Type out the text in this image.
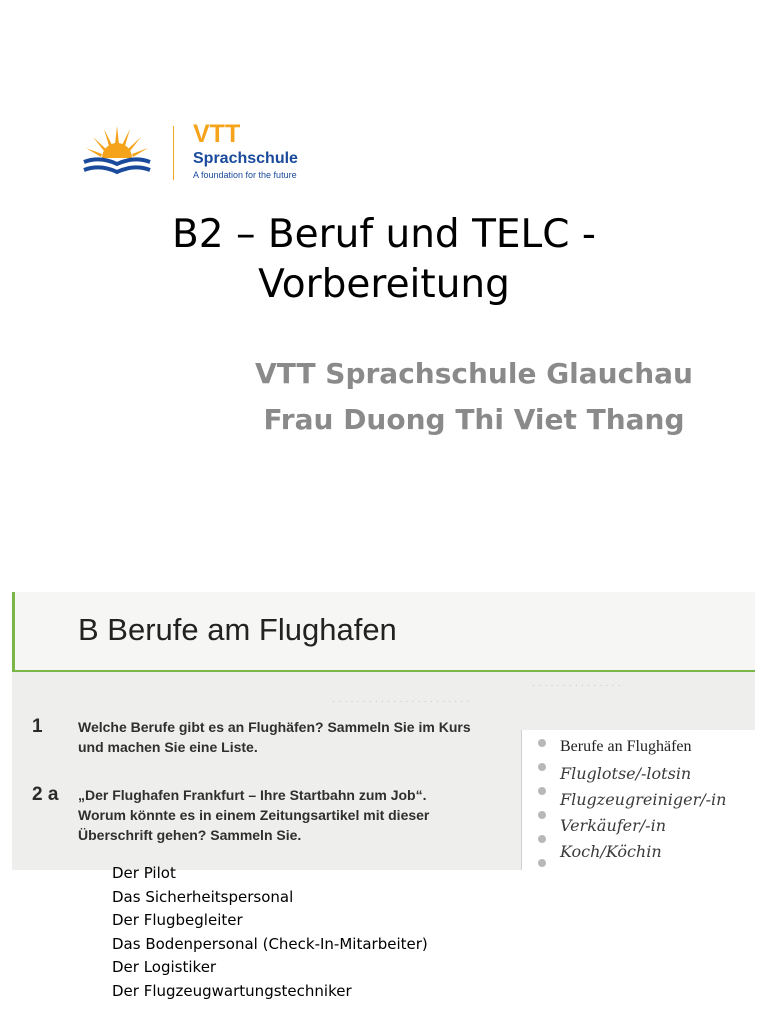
VTT
Sprachschule
A foundation for the future
B2 – Beruf und TELC -
Vorbereitung
VTT Sprachschule Glauchau
Frau Duong Thi Viet Thang
B Berufe am Flughafen
· · · · · · · · · · · · · · ·
· · · · · · · · · · · · · · · · · · · · · · ·
1	Welche Berufe gibt es an Flughäfen? Sammeln Sie im Kurs
und machen Sie eine Liste.
2 a „Der Flughafen Frankfurt – Ihre Startbahn zum Job“.
Worum könnte es in einem Zeitungsartikel mit dieser
Überschrift gehen? Sammeln Sie.
Berufe an Flughäfen
Fluglotse/-lotsin
Flugzeugreiniger/-in
Verkäufer/-in
Koch/Köchin
Der Pilot
Das Sicherheitspersonal
Der Flugbegleiter
Das Bodenpersonal (Check-In-Mitarbeiter)
Der Logistiker
Der Flugzeugwartungstechniker
